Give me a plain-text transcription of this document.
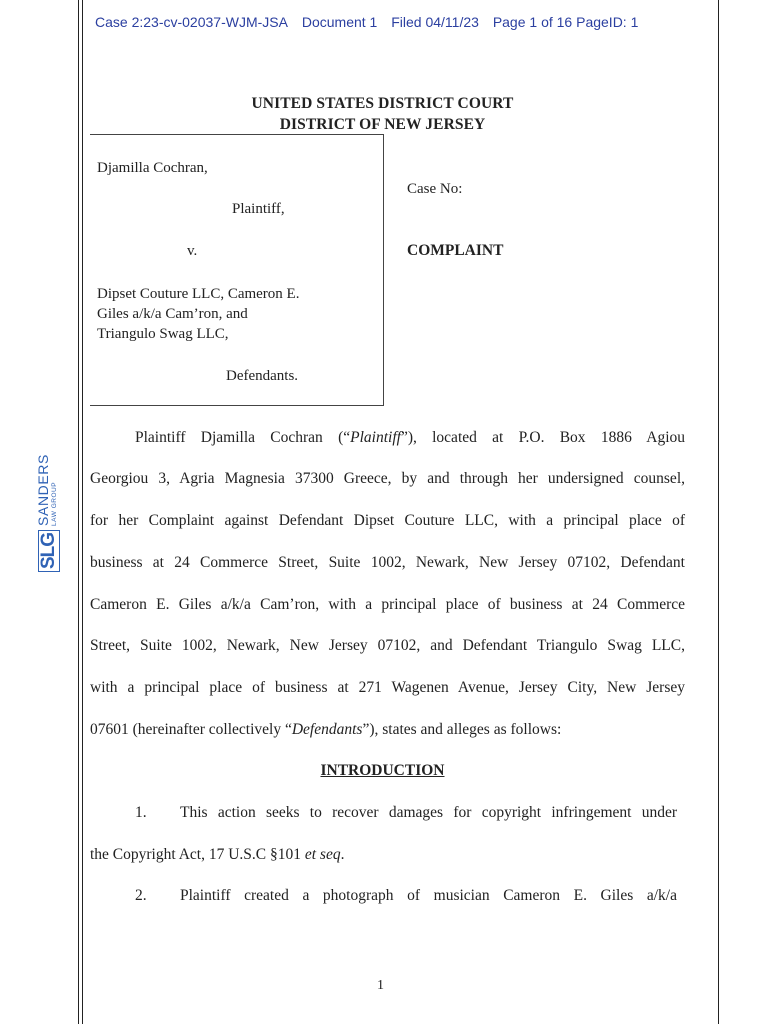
Case 2:23-cv-02037-WJM-JSA Document 1 Filed 04/11/23 Page 1 of 16 PageID: 1
UNITED STATES DISTRICT COURT
DISTRICT OF NEW JERSEY
Djamilla Cochran,
Plaintiff,
v.
Dipset Couture LLC, Cameron E.
Giles a/k/a Cam’ron, and
Triangulo Swag LLC,
Defendants.
Case No:
COMPLAINT
Plaintiff Djamilla Cochran (“Plaintiff”), located at P.O. Box 1886 Agiou
Georgiou 3, Agria Magnesia 37300 Greece, by and through her undersigned counsel,
for her Complaint against Defendant Dipset Couture LLC, with a principal place of
business at 24 Commerce Street, Suite 1002, Newark, New Jersey 07102, Defendant
Cameron E. Giles a/k/a Cam’ron, with a principal place of business at 24 Commerce
Street, Suite 1002, Newark, New Jersey 07102, and Defendant Triangulo Swag LLC,
with a principal place of business at 271 Wagenen Avenue, Jersey City, New Jersey
07601 (hereinafter collectively “Defendants”), states and alleges as follows:
INTRODUCTION
1. This action seeks to recover damages for copyright infringement under
the Copyright Act, 17 U.S.C §101 et seq.
2. Plaintiff created a photograph of musician Cameron E. Giles a/k/a
1
SLG
SANDERS LAW GROUP
